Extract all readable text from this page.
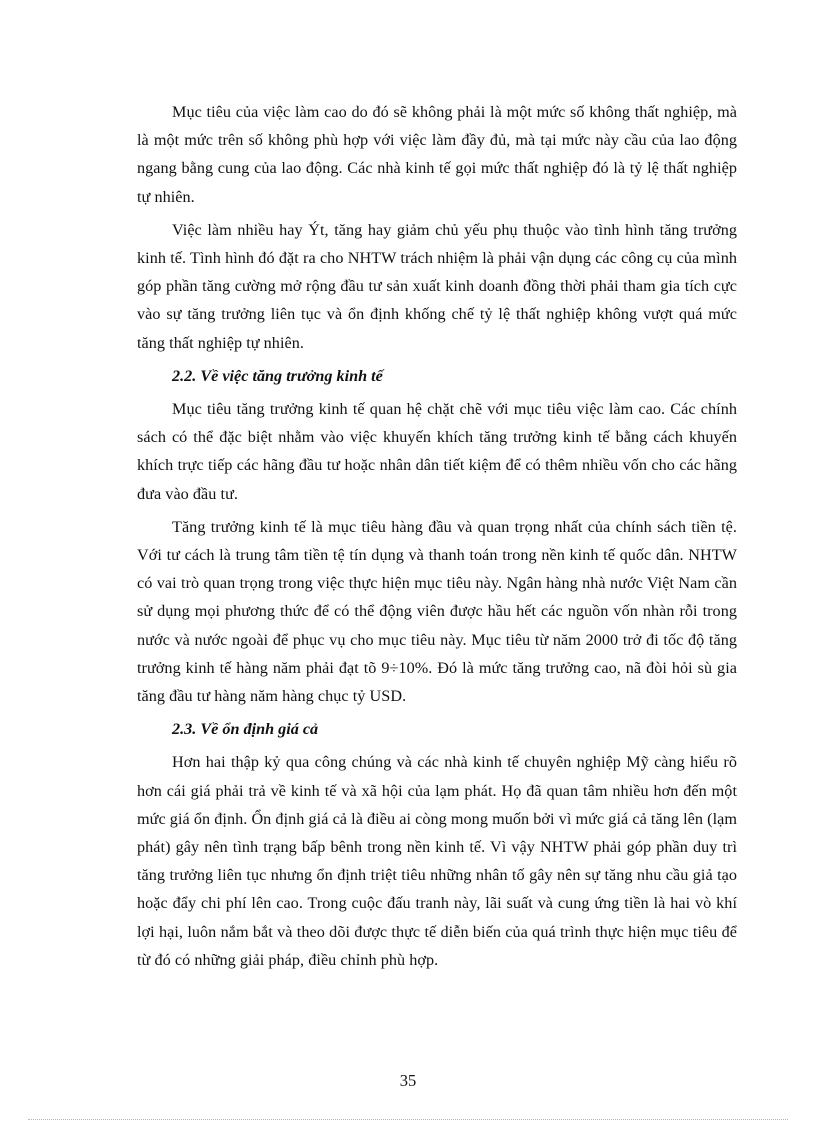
Mục tiêu của việc làm cao do đó sẽ không phải là một mức số không thất nghiệp, mà là một mức trên số không phù hợp với việc làm đầy đủ, mà tại mức này cầu của lao động ngang bằng cung của lao động. Các nhà kinh tế gọi mức thất nghiệp đó là tỷ lệ thất nghiệp tự nhiên.

Việc làm nhiều hay Ýt, tăng hay giảm chủ yếu phụ thuộc vào tình hình tăng trưởng kinh tế. Tình hình đó đặt ra cho NHTW trách nhiệm là phải vận dụng các công cụ của mình góp phần tăng cường mở rộng đầu tư sản xuất kinh doanh đồng thời phải tham gia tích cực vào sự tăng trưởng liên tục và ổn định khống chế tỷ lệ thất nghiệp không vượt quá mức tăng thất nghiệp tự nhiên.

2.2. Về việc tăng trưởng kinh tế

Mục tiêu tăng trưởng kinh tế quan hệ chặt chẽ với mục tiêu việc làm cao. Các chính sách có thể đặc biệt nhằm vào việc khuyến khích tăng trưởng kinh tế bằng cách khuyến khích trực tiếp các hãng đầu tư hoặc nhân dân tiết kiệm để có thêm nhiều vốn cho các hãng đưa vào đầu tư.

Tăng trưởng kinh tế là mục tiêu hàng đầu và quan trọng nhất của chính sách tiền tệ. Với tư cách là trung tâm tiền tệ tín dụng và thanh toán trong nền kinh tế quốc dân. NHTW có vai trò quan trọng trong việc thực hiện mục tiêu này. Ngân hàng nhà nước Việt Nam cần sử dụng mọi phương thức để có thể động viên được hầu hết các nguồn vốn nhàn rỗi trong nước và nước ngoài để phục vụ cho mục tiêu này. Mục tiêu từ năm 2000 trở đi tốc độ tăng trưởng kinh tế hàng năm phải đạt tõ 9÷10%. Đó là mức tăng trưởng cao, nã đòi hỏi sù gia tăng đầu tư hàng năm hàng chục tỷ USD.

2.3. Về ổn định giá cả

Hơn hai thập kỷ qua công chúng và các nhà kinh tế chuyên nghiệp Mỹ càng hiểu rõ hơn cái giá phải trả về kinh tế và xã hội của lạm phát. Họ đã quan tâm nhiều hơn đến một mức giá ổn định. Ổn định giá cả là điều ai còng mong muốn bởi vì mức giá cả tăng lên (lạm phát) gây nên tình trạng bấp bênh trong nền kinh tế. Vì vậy NHTW phải góp phần duy trì tăng trưởng liên tục nhưng ổn định triệt tiêu những nhân tố gây nên sự tăng nhu cầu giả tạo hoặc đẩy chi phí lên cao. Trong cuộc đấu tranh này, lãi suất và cung ứng tiền là hai vò khí lợi hại, luôn nắm bắt và theo dõi được thực tế diễn biến của quá trình thực hiện mục tiêu để từ đó có những giải pháp, điều chỉnh phù hợp.

35
